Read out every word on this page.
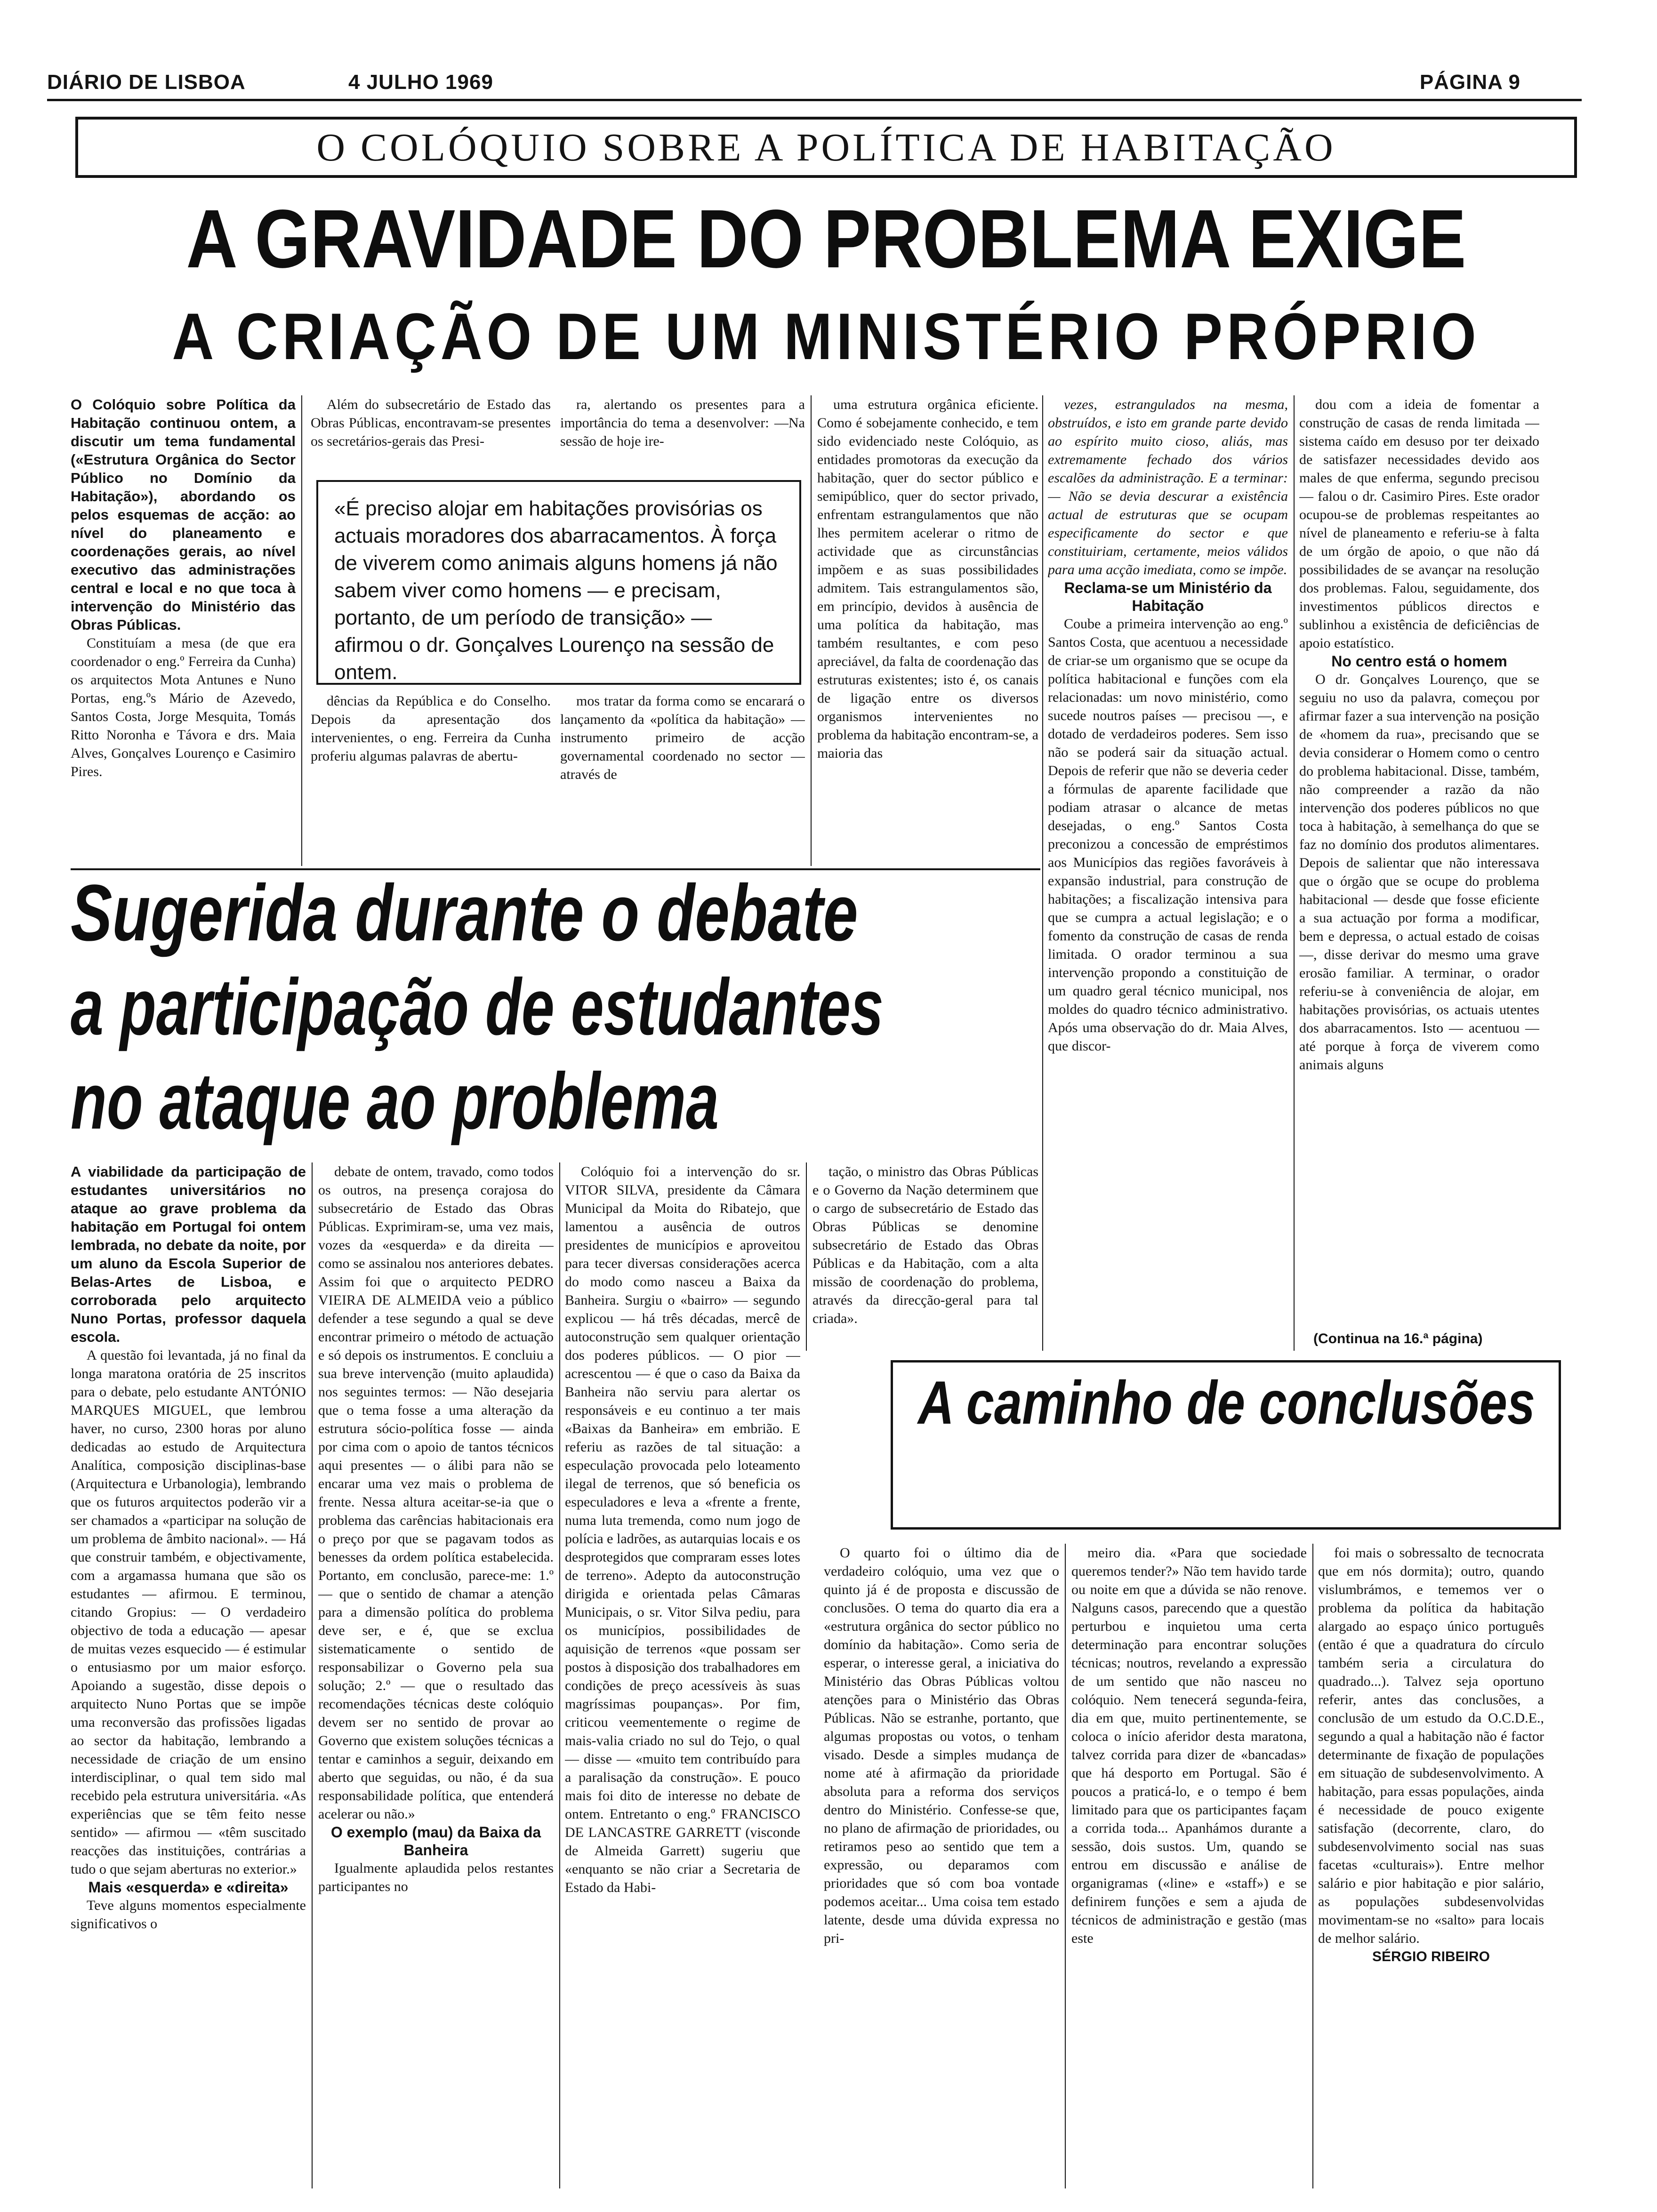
DIÁRIO DE LISBOA	4 JULHO 1969	PÁGINA 9
O COLÓQUIO SOBRE A POLÍTICA DE HABITAÇÃO
A GRAVIDADE DO PROBLEMA EXIGE
A CRIAÇÃO DE UM MINISTÉRIO PRÓPRIO

O Colóquio sobre Política da Habitação continuou ontem, a discutir um tema fundamental («Estrutura Orgânica do Sector Público no Domínio da Habitação»), abordando os pelos esquemas de acção: ao nível do planeamento e coordenações gerais, ao nível executivo das administrações central e local e no que toca à intervenção do Ministério das Obras Públicas.

Constituíam a mesa (de que era coordenador o eng.º Ferreira da Cunha) os arquitectos Mota Antunes e Nuno Portas, eng.ºs Mário de Azevedo, Santos Costa, Jorge Mesquita, Tomás Ritto Noronha e Távora e drs. Maia Alves, Gonçalves Lourenço e Casimiro Pires.

Além do subsecretário de Estado das Obras Públicas, encontravam-se presentes os secretários-gerais das Presi-

ra, alertando os presentes para a importância do tema a desenvolver: —Na sessão de hoje ire-

«É preciso alojar em habitações provisórias os actuais moradores dos abarracamentos. À força de viverem como animais alguns homens já não sabem viver como homens — e precisam, portanto, de um período de transição» — afirmou o dr. Gonçalves Lourenço na sessão de ontem.

dências da República e do Conselho. Depois da apresentação dos intervenientes, o eng. Ferreira da Cunha proferiu algumas palavras de abertu-

mos tratar da forma como se encarará o lançamento da «política da habitação» — instrumento primeiro de acção governamental coordenado no sector — através de

uma estrutura orgânica eficiente. Como é sobejamente conhecido, e tem sido evidenciado neste Colóquio, as entidades promotoras da execução da habitação, quer do sector público e semipúblico, quer do sector privado, enfrentam estrangulamentos que não lhes permitem acelerar o ritmo de actividade que as circunstâncias impõem e as suas possibilidades admitem. Tais estrangulamentos são, em princípio, devidos à ausência de uma política da habitação, mas também resultantes, e com peso apreciável, da falta de coordenação das estruturas existentes; isto é, os canais de ligação entre os diversos organismos intervenientes no problema da habitação encontram-se, a maioria das

vezes, estrangulados na mesma, obstruídos, e isto em grande parte devido ao espírito muito cioso, aliás, mas extremamente fechado dos vários escalões da administração. E a terminar: — Não se devia descurar a existência actual de estruturas que se ocupam especificamente do sector e que constituiriam, certamente, meios válidos para uma acção imediata, como se impõe.

Reclama-se um Ministério da Habitação

Coube a primeira intervenção ao eng.º Santos Costa, que acentuou a necessidade de criar-se um organismo que se ocupe da política habitacional e funções com ela relacionadas: um novo ministério, como sucede noutros países — precisou —, e dotado de verdadeiros poderes. Sem isso não se poderá sair da situação actual. Depois de referir que não se deveria ceder a fórmulas de aparente facilidade que podiam atrasar o alcance de metas desejadas, o eng.º Santos Costa preconizou a concessão de empréstimos aos Municípios das regiões favoráveis à expansão industrial, para construção de habitações; a fiscalização intensiva para que se cumpra a actual legislação; e o fomento da construção de casas de renda limitada. O orador terminou a sua intervenção propondo a constituição de um quadro geral técnico municipal, nos moldes do quadro técnico administrativo. Após uma observação do dr. Maia Alves, que discor-

dou com a ideia de fomentar a construção de casas de renda limitada — sistema caído em desuso por ter deixado de satisfazer necessidades devido aos males de que enferma, segundo precisou — falou o dr. Casimiro Pires. Este orador ocupou-se de problemas respeitantes ao nível de planeamento e referiu-se à falta de um órgão de apoio, o que não dá possibilidades de se avançar na resolução dos problemas. Falou, seguidamente, dos investimentos públicos directos e sublinhou a existência de deficiências de apoio estatístico.

No centro está o homem

O dr. Gonçalves Lourenço, que se seguiu no uso da palavra, começou por afirmar fazer a sua intervenção na posição de «homem da rua», precisando que se devia considerar o Homem como o centro do problema habitacional. Disse, também, não compreender a razão da não intervenção dos poderes públicos no que toca à habitação, à semelhança do que se faz no domínio dos produtos alimentares. Depois de salientar que não interessava que o órgão que se ocupe do problema habitacional — desde que fosse eficiente a sua actuação por forma a modificar, bem e depressa, o actual estado de coisas —, disse derivar do mesmo uma grave erosão familiar. A terminar, o orador referiu-se à conveniência de alojar, em habitações provisórias, os actuais utentes dos abarracamentos. Isto — acentuou — até porque à força de viverem como animais alguns

(Continua na 16.ª página)
Sugerida durante o debate
a participação de estudantes
no ataque ao problema

A viabilidade da participação de estudantes universitários no ataque ao grave problema da habitação em Portugal foi ontem lembrada, no debate da noite, por um aluno da Escola Superior de Belas-Artes de Lisboa, e corroborada pelo arquitecto Nuno Portas, professor daquela escola.

A questão foi levantada, já no final da longa maratona oratória de 25 inscritos para o debate, pelo estudante ANTÓNIO MARQUES MIGUEL, que lembrou haver, no curso, 2300 horas por aluno dedicadas ao estudo de Arquitectura Analítica, composição disciplinas-base (Arquitectura e Urbanologia), lembrando que os futuros arquitectos poderão vir a ser chamados a «participar na solução de um problema de âmbito nacional». — Há que construir também, e objectivamente, com a argamassa humana que são os estudantes — afirmou. E terminou, citando Gropius: — O verdadeiro objectivo de toda a educação — apesar de muitas vezes esquecido — é estimular o entusiasmo por um maior esforço. Apoiando a sugestão, disse depois o arquitecto Nuno Portas que se impõe uma reconversão das profissões ligadas ao sector da habitação, lembrando a necessidade de criação de um ensino interdisciplinar, o qual tem sido mal recebido pela estrutura universitária. «As experiências que se têm feito nesse sentido» — afirmou — «têm suscitado reacções das instituições, contrárias a tudo o que sejam aberturas no exterior.»

Mais «esquerda» e «direita»

Teve alguns momentos especialmente significativos o

debate de ontem, travado, como todos os outros, na presença corajosa do subsecretário de Estado das Obras Públicas. Exprimiram-se, uma vez mais, vozes da «esquerda» e da direita — como se assinalou nos anteriores debates. Assim foi que o arquitecto PEDRO VIEIRA DE ALMEIDA veio a público defender a tese segundo a qual se deve encontrar primeiro o método de actuação e só depois os instrumentos. E concluiu a sua breve intervenção (muito aplaudida) nos seguintes termos: — Não desejaria que o tema fosse a uma alteração da estrutura sócio-política fosse — ainda por cima com o apoio de tantos técnicos aqui presentes — o álibi para não se encarar uma vez mais o problema de frente. Nessa altura aceitar-se-ia que o problema das carências habitacionais era o preço por que se pagavam todos as benesses da ordem política estabelecida. Portanto, em conclusão, parece-me: 1.º — que o sentido de chamar a atenção para a dimensão política do problema deve ser, e é, que se exclua sistematicamente o sentido de responsabilizar o Governo pela sua solução; 2.º — que o resultado das recomendações técnicas deste colóquio devem ser no sentido de provar ao Governo que existem soluções técnicas a tentar e caminhos a seguir, deixando em aberto que seguidas, ou não, é da sua responsabilidade política, que entenderá acelerar ou não.»

O exemplo (mau) da Baixa da Banheira

Igualmente aplaudida pelos restantes participantes no

Colóquio foi a intervenção do sr. VITOR SILVA, presidente da Câmara Municipal da Moita do Ribatejo, que lamentou a ausência de outros presidentes de municípios e aproveitou para tecer diversas considerações acerca do modo como nasceu a Baixa da Banheira. Surgiu o «bairro» — segundo explicou — há três décadas, mercê de autoconstrução sem qualquer orientação dos poderes públicos. — O pior — acrescentou — é que o caso da Baixa da Banheira não serviu para alertar os responsáveis e eu continuo a ter mais «Baixas da Banheira» em embrião. E referiu as razões de tal situação: a especulação provocada pelo loteamento ilegal de terrenos, que só beneficia os especuladores e leva a «frente a frente, numa luta tremenda, como num jogo de polícia e ladrões, as autarquias locais e os desprotegidos que compraram esses lotes de terreno». Adepto da autoconstrução dirigida e orientada pelas Câmaras Municipais, o sr. Vitor Silva pediu, para os municípios, possibilidades de aquisição de terrenos «que possam ser postos à disposição dos trabalhadores em condições de preço acessíveis às suas magríssimas poupanças». Por fim, criticou veementemente o regime de mais-valia criado no sul do Tejo, o qual — disse — «muito tem contribuído para a paralisação da construção». E pouco mais foi dito de interesse no debate de ontem. Entretanto o eng.º FRANCISCO DE LANCASTRE GARRETT (visconde de Almeida Garrett) sugeriu que «enquanto se não criar a Secretaria de Estado da Habi-

tação, o ministro das Obras Públicas e o Governo da Nação determinem que o cargo de subsecretário de Estado das Obras Públicas se denomine subsecretário de Estado das Obras Públicas e da Habitação, com a alta missão de coordenação do problema, através da direcção-geral para tal criada».

A caminho de conclusões

O quarto foi o último dia de verdadeiro colóquio, uma vez que o quinto já é de proposta e discussão de conclusões. O tema do quarto dia era a «estrutura orgânica do sector público no domínio da habitação». Como seria de esperar, o interesse geral, a iniciativa do Ministério das Obras Públicas voltou atenções para o Ministério das Obras Públicas. Não se estranhe, portanto, que algumas propostas ou votos, o tenham visado. Desde a simples mudança de nome até à afirmação da prioridade absoluta para a reforma dos serviços dentro do Ministério. Confesse-se que, no plano de afirmação de prioridades, ou retiramos peso ao sentido que tem a expressão, ou deparamos com prioridades que só com boa vontade podemos aceitar... Uma coisa tem estado latente, desde uma dúvida expressa no pri-

meiro dia. «Para que sociedade queremos tender?» Não tem havido tarde ou noite em que a dúvida se não renove. Nalguns casos, parecendo que a questão perturbou e inquietou uma certa determinação para encontrar soluções técnicas; noutros, revelando a expressão de um sentido que não nasceu no colóquio. Nem tenecerá segunda-feira, dia em que, muito pertinentemente, se coloca o início aferidor desta maratona, talvez corrida para dizer de «bancadas» que há desporto em Portugal. São é poucos a praticá-lo, e o tempo é bem limitado para que os participantes façam a corrida toda... Apanhámos durante a sessão, dois sustos. Um, quando se entrou em discussão e análise de organigramas («line» e «staff») e se definirem funções e sem a ajuda de técnicos de administração e gestão (mas este

foi mais o sobressalto de tecnocrata que em nós dormita); outro, quando vislumbrámos, e tememos ver o problema da política da habitação alargado ao espaço único português (então é que a quadratura do círculo também seria a circulatura do quadrado...). Talvez seja oportuno referir, antes das conclusões, a conclusão de um estudo da O.C.D.E., segundo a qual a habitação não é factor determinante de fixação de populações em situação de subdesenvolvimento. A habitação, para essas populações, ainda é necessidade de pouco exigente satisfação (decorrente, claro, do subdesenvolvimento social nas suas facetas «culturais»). Entre melhor salário e pior habitação e pior salário, as populações subdesenvolvidas movimentam-se no «salto» para locais de melhor salário.

SÉRGIO RIBEIRO
